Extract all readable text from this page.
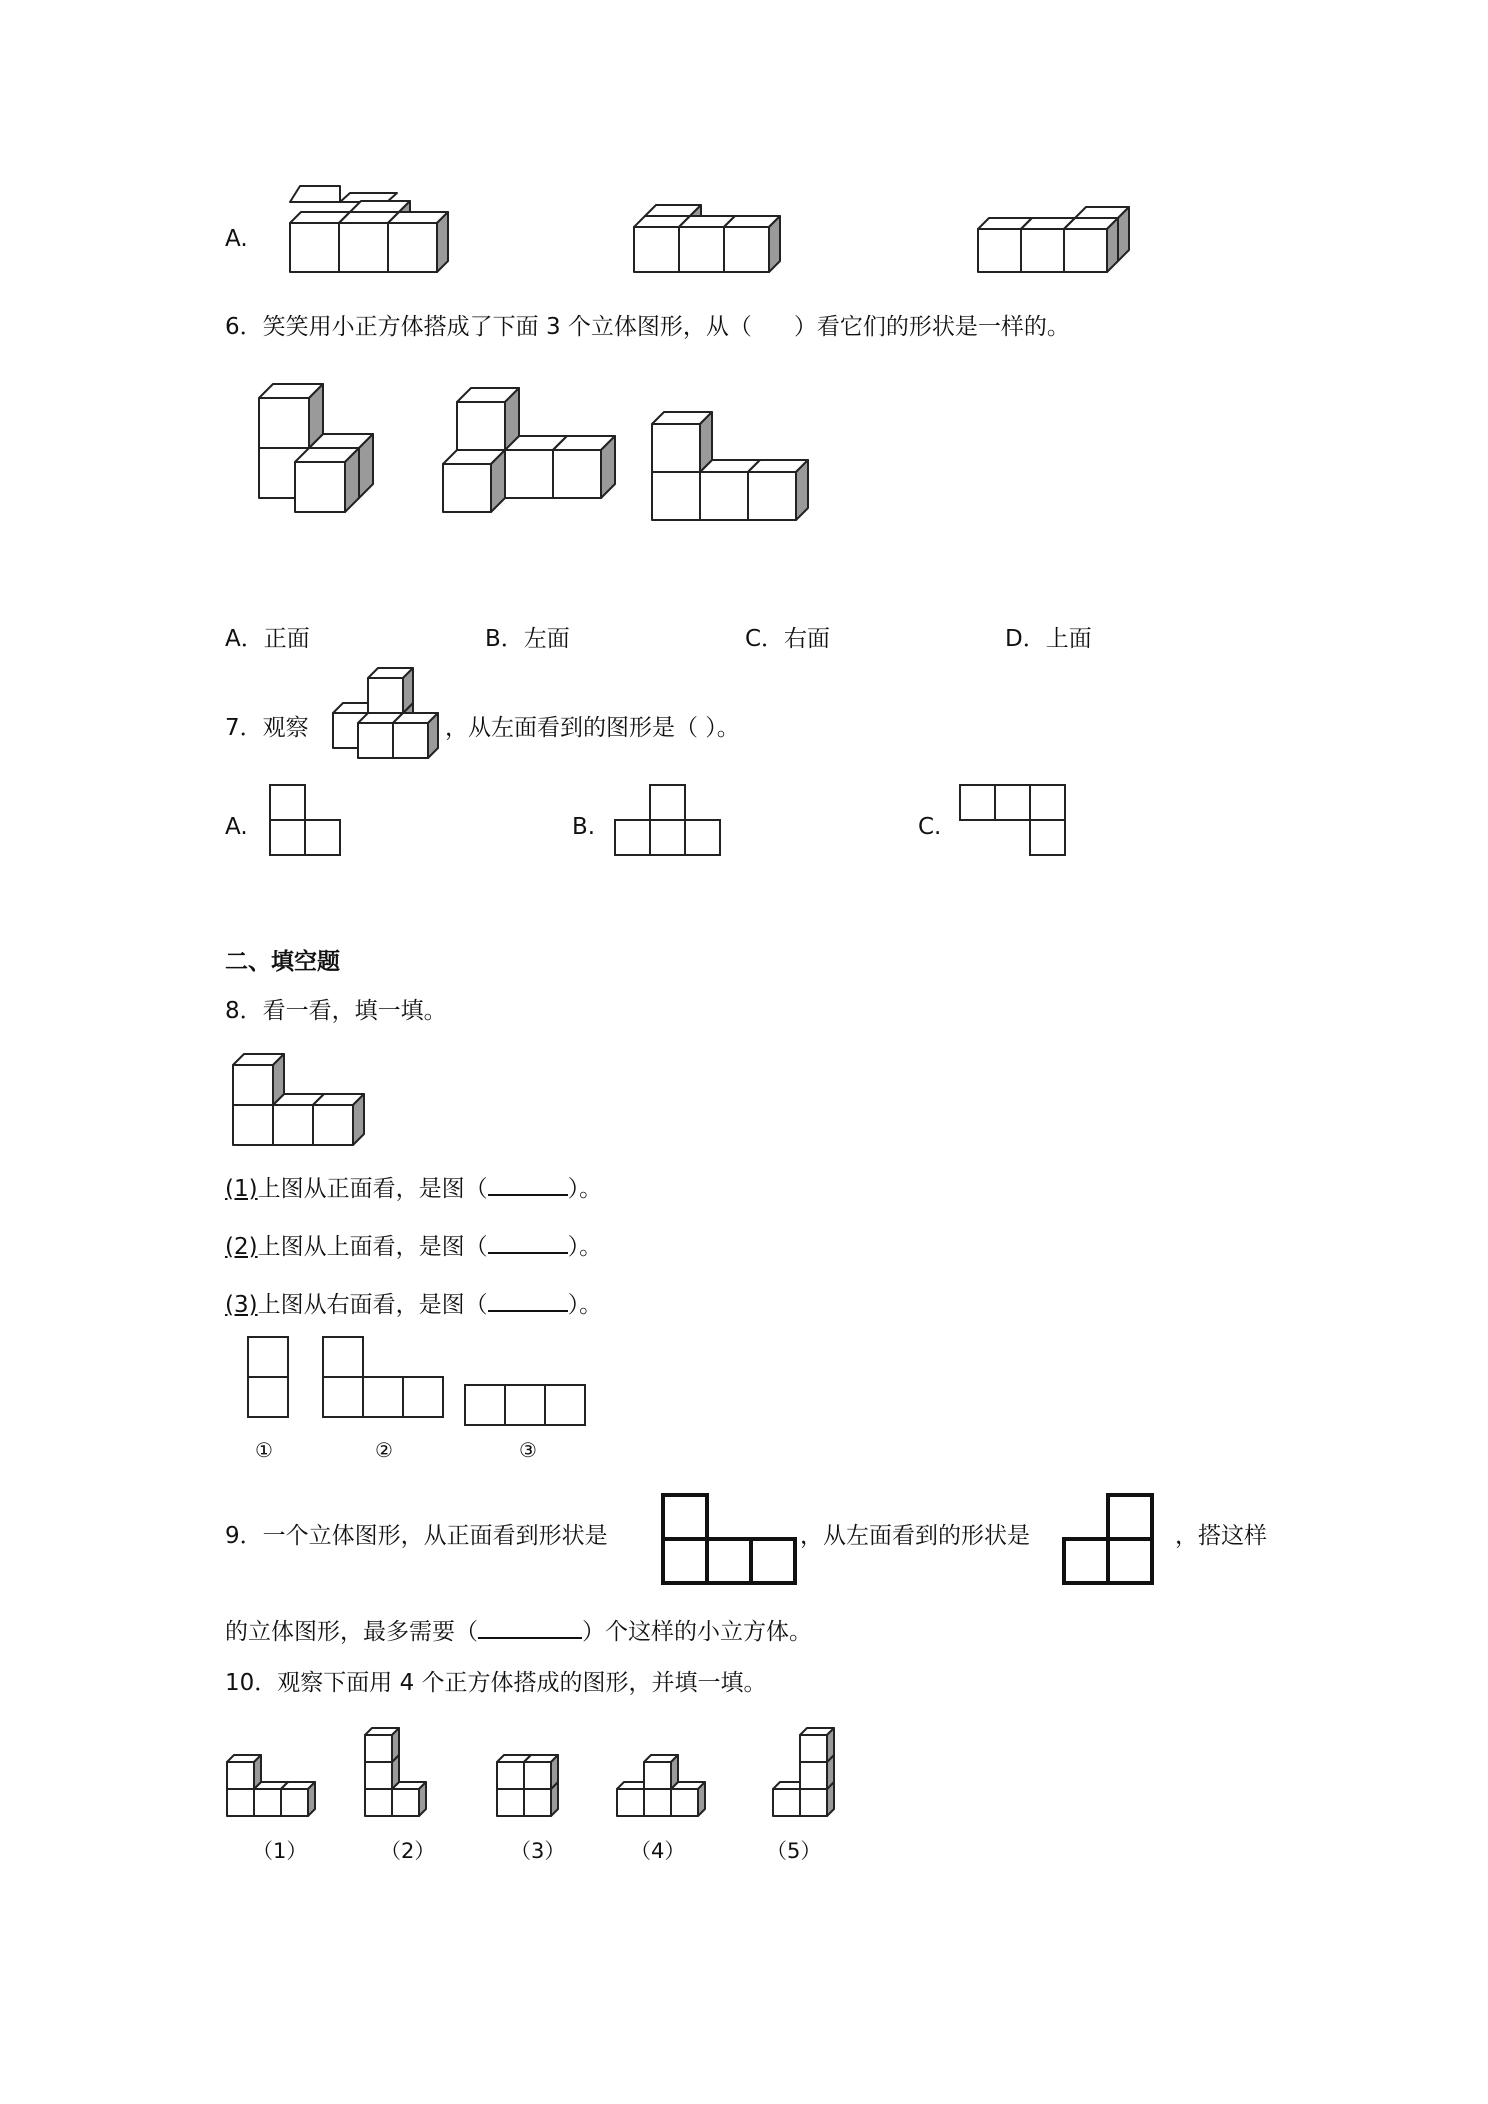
A.
6．笑笑用小正方体搭成了下面 3 个立体图形，从（ ）看它们的形状是一样的。
A．正面	B．左面	C．右面	D．上面
7．观察	，从左面看到的图形是（ ）。
A.	B.	C.
二、填空题
8．看一看，填一填。
(1)上图从正面看，是图（	）。
(2)上图从上面看，是图（	）。
(3)上图从右面看，是图（	）。
①	②	③
9．一个立体图形，从正面看到形状是	，从左面看到的形状是	，搭这样
的立体图形，最多需要（	）个这样的小立方体。
10．观察下面用 4 个正方体搭成的图形，并填一填。
（1）	（2）	（3）	（4）	（5）
